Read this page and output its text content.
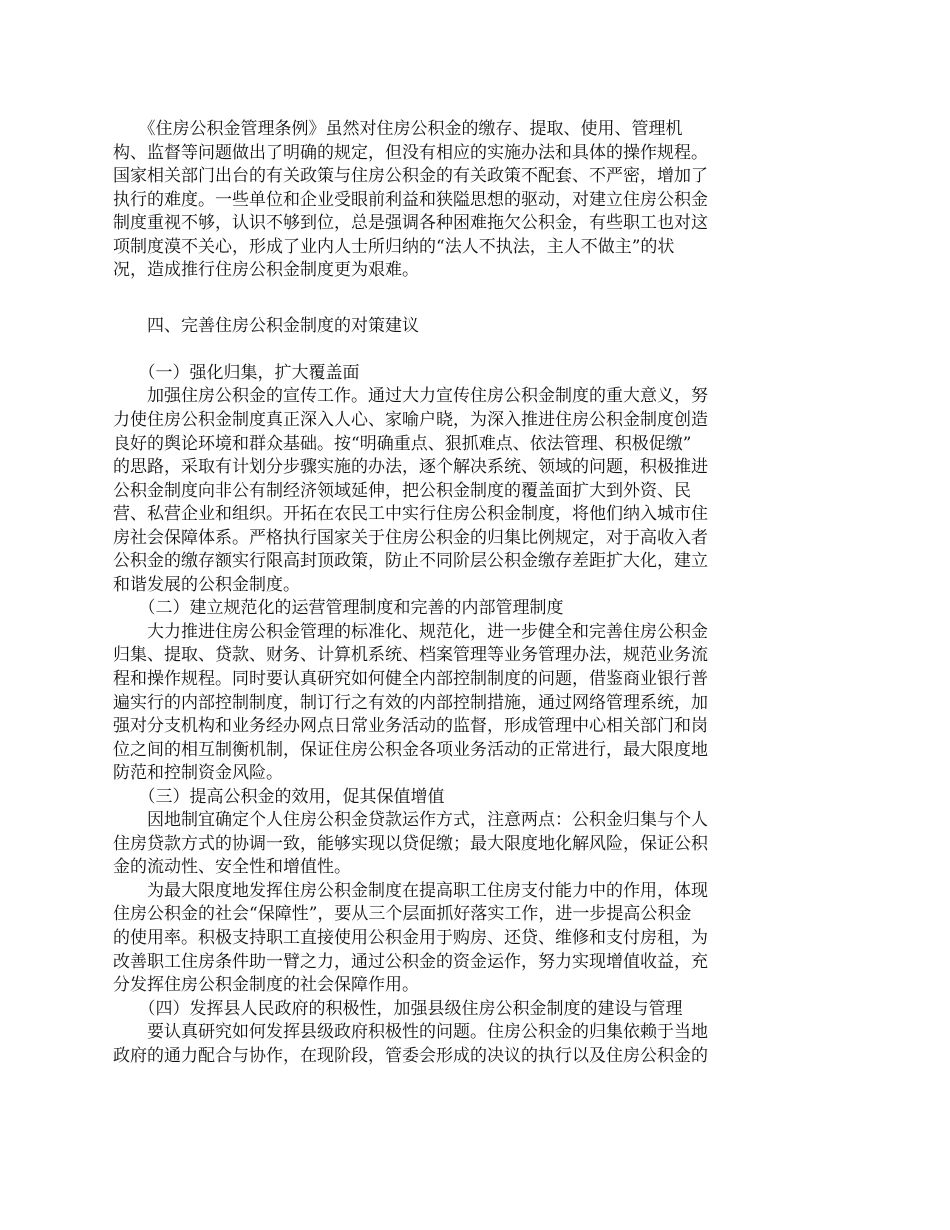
　　《住房公积金管理条例》虽然对住房公积金的缴存、提取、使用、管理机
构、监督等问题做出了明确的规定，但没有相应的实施办法和具体的操作规程。
国家相关部门出台的有关政策与住房公积金的有关政策不配套、不严密，增加了
执行的难度。一些单位和企业受眼前利益和狭隘思想的驱动，对建立住房公积金
制度重视不够，认识不够到位，总是强调各种困难拖欠公积金，有些职工也对这
项制度漠不关心，形成了业内人士所归纳的“法人不执法，主人不做主”的状
况，造成推行住房公积金制度更为艰难。
　　四、完善住房公积金制度的对策建议
　　（一）强化归集，扩大覆盖面
　　加强住房公积金的宣传工作。通过大力宣传住房公积金制度的重大意义，努
力使住房公积金制度真正深入人心、家喻户晓，为深入推进住房公积金制度创造
良好的舆论环境和群众基础。按“明确重点、狠抓难点、依法管理、积极促缴”
的思路，采取有计划分步骤实施的办法，逐个解决系统、领域的问题，积极推进
公积金制度向非公有制经济领域延伸，把公积金制度的覆盖面扩大到外资、民
营、私营企业和组织。开拓在农民工中实行住房公积金制度，将他们纳入城市住
房社会保障体系。严格执行国家关于住房公积金的归集比例规定，对于高收入者
公积金的缴存额实行限高封顶政策，防止不同阶层公积金缴存差距扩大化，建立
和谐发展的公积金制度。
　　（二）建立规范化的运营管理制度和完善的内部管理制度
　　大力推进住房公积金管理的标准化、规范化，进一步健全和完善住房公积金
归集、提取、贷款、财务、计算机系统、档案管理等业务管理办法，规范业务流
程和操作规程。同时要认真研究如何健全内部控制制度的问题，借鉴商业银行普
遍实行的内部控制制度，制订行之有效的内部控制措施，通过网络管理系统，加
强对分支机构和业务经办网点日常业务活动的监督，形成管理中心相关部门和岗
位之间的相互制衡机制，保证住房公积金各项业务活动的正常进行，最大限度地
防范和控制资金风险。
　　（三）提高公积金的效用，促其保值增值
　　因地制宜确定个人住房公积金贷款运作方式，注意两点：公积金归集与个人
住房贷款方式的协调一致，能够实现以贷促缴；最大限度地化解风险，保证公积
金的流动性、安全性和增值性。
　　为最大限度地发挥住房公积金制度在提高职工住房支付能力中的作用，体现
住房公积金的社会“保障性”，要从三个层面抓好落实工作，进一步提高公积金
的使用率。积极支持职工直接使用公积金用于购房、还贷、维修和支付房租，为
改善职工住房条件助一臂之力，通过公积金的资金运作，努力实现增值收益，充
分发挥住房公积金制度的社会保障作用。
　　（四）发挥县人民政府的积极性，加强县级住房公积金制度的建设与管理
　　要认真研究如何发挥县级政府积极性的问题。住房公积金的归集依赖于当地
政府的通力配合与协作，在现阶段，管委会形成的决议的执行以及住房公积金的
